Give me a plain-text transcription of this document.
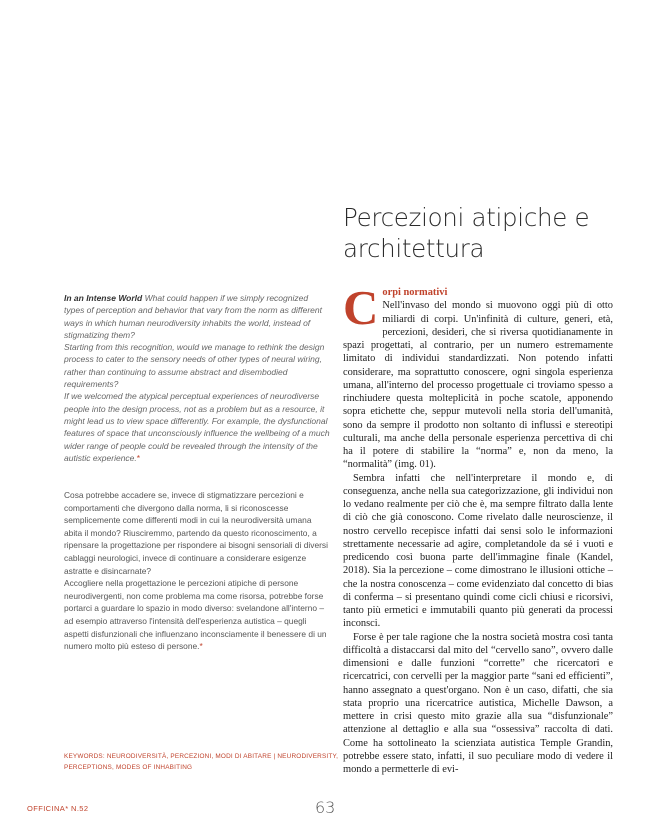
Percezioni atipiche e architettura

In an Intense World What could happen if we simply recognized types of perception and behavior that vary from the norm as different ways in which human neurodiversity inhabits the world, instead of stigmatizing them?

Starting from this recognition, would we manage to rethink the design process to cater to the sensory needs of other types of neural wiring, rather than continuing to assume abstract and disembodied requirements?

If we welcomed the atypical perceptual experiences of neurodiverse people into the design process, not as a problem but as a resource, it might lead us to view space differently. For example, the dysfunctional features of space that unconsciously influence the wellbeing of a much wider range of people could be revealed through the intensity of the autistic experience.*

Cosa potrebbe accadere se, invece di stigmatizzare percezioni e comportamenti che divergono dalla norma, li si riconoscesse semplicemente come differenti modi in cui la neurodiversità umana abita il mondo? Riusciremmo, partendo da questo riconoscimento, a ripensare la progettazione per rispondere ai bisogni sensoriali di diversi cablaggi neurologici, invece di continuare a considerare esigenze astratte e disincarnate?

Accogliere nella progettazione le percezioni atipiche di persone neurodivergenti, non come problema ma come risorsa, potrebbe forse portarci a guardare lo spazio in modo diverso: svelandone all'interno – ad esempio attraverso l'intensità dell'esperienza autistica – quegli aspetti disfunzionali che influenzano inconsciamente il benessere di un numero molto più esteso di persone.*

KEYWORDS: NEURODIVERSITÀ, PERCEZIONI, MODI DI ABITARE | NEURODIVERSITY, PERCEPTIONS, MODES OF INHABITING

Corpi normativi
Nell'invaso del mondo si muovono oggi più di otto miliardi di corpi. Un'infinità di culture, generi, età, percezioni, desideri, che si riversa quotidianamente in spazi progettati, al contrario, per un numero estremamente limitato di individui standardizzati. Non potendo infatti considerare, ma soprattutto conoscere, ogni singola esperienza umana, all'interno del processo progettuale ci troviamo spesso a rinchiudere questa molteplicità in poche scatole, apponendo sopra etichette che, seppur mutevoli nella storia dell'umanità, sono da sempre il prodotto non soltanto di influssi e stereotipi culturali, ma anche della personale esperienza percettiva di chi ha il potere di stabilire la “norma” e, non da meno, la “normalità” (img. 01).

Sembra infatti che nell'interpretare il mondo e, di conseguenza, anche nella sua categorizzazione, gli individui non lo vedano realmente per ciò che è, ma sempre filtrato dalla lente di ciò che già conoscono. Come rivelato dalle neuroscienze, il nostro cervello recepisce infatti dai sensi solo le informazioni strettamente necessarie ad agire, completandole da sé i vuoti e predicendo così buona parte dell'immagine finale (Kandel, 2018). Sia la percezione – come dimostrano le illusioni ottiche – che la nostra conoscenza – come evidenziato dal concetto di bias di conferma – si presentano quindi come cicli chiusi e ricorsivi, tanto più ermetici e immutabili quanto più generati da processi inconsci.

Forse è per tale ragione che la nostra società mostra così tanta difficoltà a distaccarsi dal mito del “cervello sano”, ovvero dalle dimensioni e dalle funzioni “corrette” che ricercatori e ricercatrici, con cervelli per la maggior parte “sani ed efficienti”, hanno assegnato a quest'organo. Non è un caso, difatti, che sia stata proprio una ricercatrice autistica, Michelle Dawson, a mettere in crisi questo mito grazie alla sua “disfunzionale” attenzione al dettaglio e alla sua “ossessiva” raccolta di dati. Come ha sottolineato la scienziata autistica Temple Grandin, potrebbe essere stato, infatti, il suo peculiare modo di vedere il mondo a permetterle di evi-

OFFICINA* N.52	63
